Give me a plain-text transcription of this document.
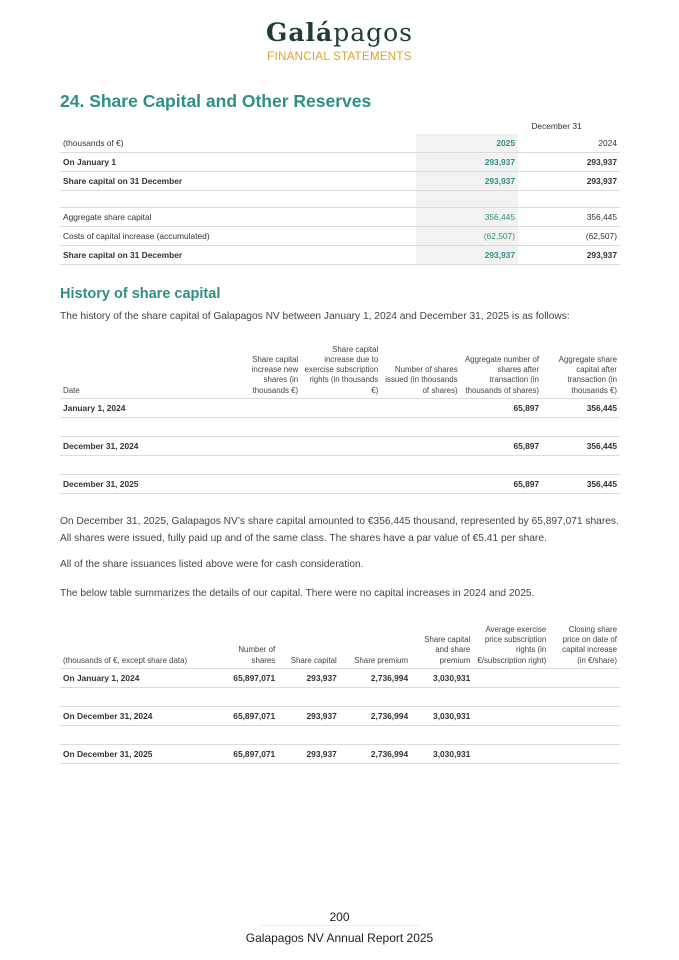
Galápagos
FINANCIAL STATEMENTS
24. Share Capital and Other Reserves
	December 31	
(thousands of €)	2025	2024
On January 1	293,937	293,937
Share capital on 31 December	293,937	293,937

Aggregate share capital	356,445	356,445
Costs of capital increase (accumulated)	(62,507)	(62,507)
Share capital on 31 December	293,937	293,937
History of share capital
The history of the share capital of Galapagos NV between January 1, 2024 and December 31, 2025 is as follows:
Date	Share capital increase new shares (in thousands €)	Share capital increase due to exercise subscription rights (in thousands €)	Number of shares issued (in thousands of shares)	Aggregate number of shares after transaction (in thousands of shares)	Aggregate share capital after transaction (in thousands €)
January 1, 2024				65,897	356,445

December 31, 2024				65,897	356,445

December 31, 2025				65,897	356,445
On December 31, 2025, Galapagos NV’s share capital amounted to €356,445 thousand, represented by 65,897,071 shares. All shares were issued, fully paid up and of the same class. The shares have a par value of €5.41 per share.
All of the share issuances listed above were for cash consideration.
The below table summarizes the details of our capital. There were no capital increases in 2024 and 2025.
(thousands of €, except share data)	Number of shares	Share capital	Share premium	Share capital and share premium	Average exercise price subscription rights (in €/subscription right)	Closing share price on date of capital increase (in €/share)
On January 1, 2024	65,897,071	293,937	2,736,994	3,030,931		

On December 31, 2024	65,897,071	293,937	2,736,994	3,030,931		

On December 31, 2025	65,897,071	293,937	2,736,994	3,030,931		
200
Galapagos NV Annual Report 2025
